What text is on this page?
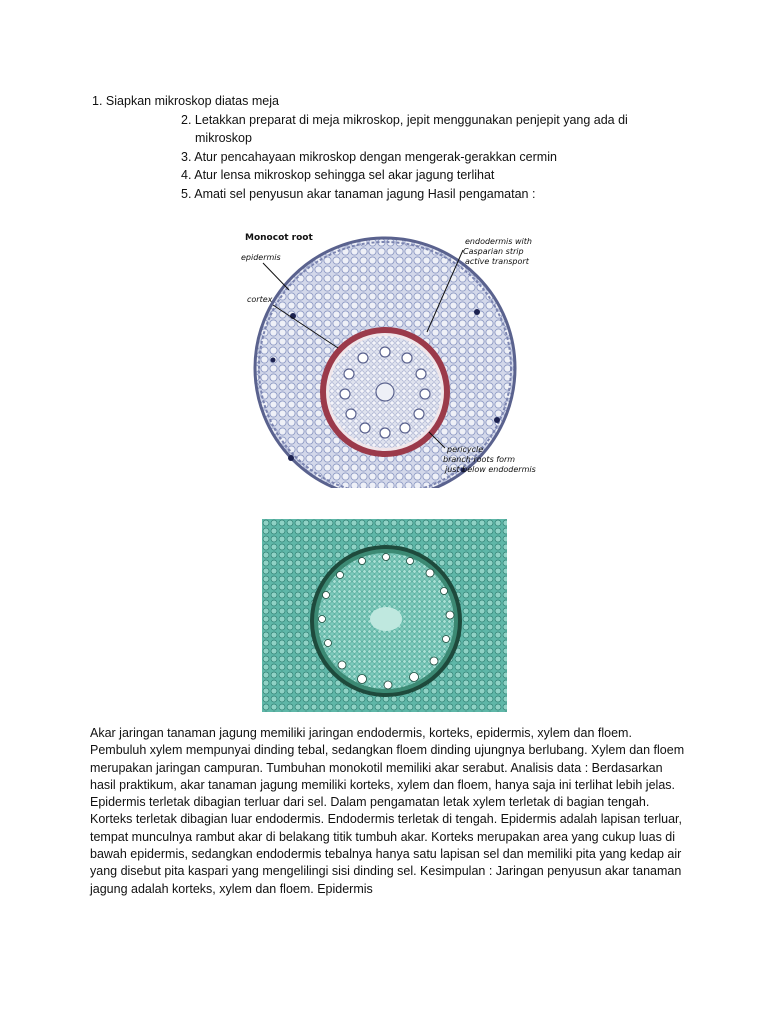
1. Siapkan mikroskop diatas meja
2. Letakkan preparat di meja mikroskop, jepit menggunakan penjepit yang ada di
mikroskop
3. Atur pencahayaan mikroskop dengan mengerak-gerakkan cermin
4. Atur lensa mikroskop sehingga sel akar jagung terlihat
5. Amati sel penyusun akar tanaman jagung Hasil pengamatan :
Monocot root
epidermis
cortex
endodermis with
Casparian strip
active transport
pericycle
branch roots form
just below endodermis

Akar jaringan tanaman jagung memiliki jaringan endodermis, korteks, epidermis, xylem dan floem. Pembuluh xylem mempunyai dinding tebal, sedangkan floem dinding ujungnya berlubang. Xylem dan floem merupakan jaringan campuran. Tumbuhan monokotil memiliki akar serabut. Analisis data : Berdasarkan hasil praktikum, akar tanaman jagung memiliki korteks, xylem dan floem, hanya saja ini terlihat lebih jelas. Epidermis terletak dibagian terluar dari sel. Dalam pengamatan letak xylem terletak di bagian tengah. Korteks terletak dibagian luar endodermis. Endodermis terletak di tengah. Epidermis adalah lapisan terluar, tempat munculnya rambut akar di belakang titik tumbuh akar. Korteks merupakan area yang cukup luas di bawah epidermis, sedangkan endodermis tebalnya hanya satu lapisan sel dan memiliki pita yang kedap air yang disebut pita kaspari yang mengelilingi sisi dinding sel. Kesimpulan : Jaringan penyusun akar tanaman jagung adalah korteks, xylem dan floem. Epidermis
